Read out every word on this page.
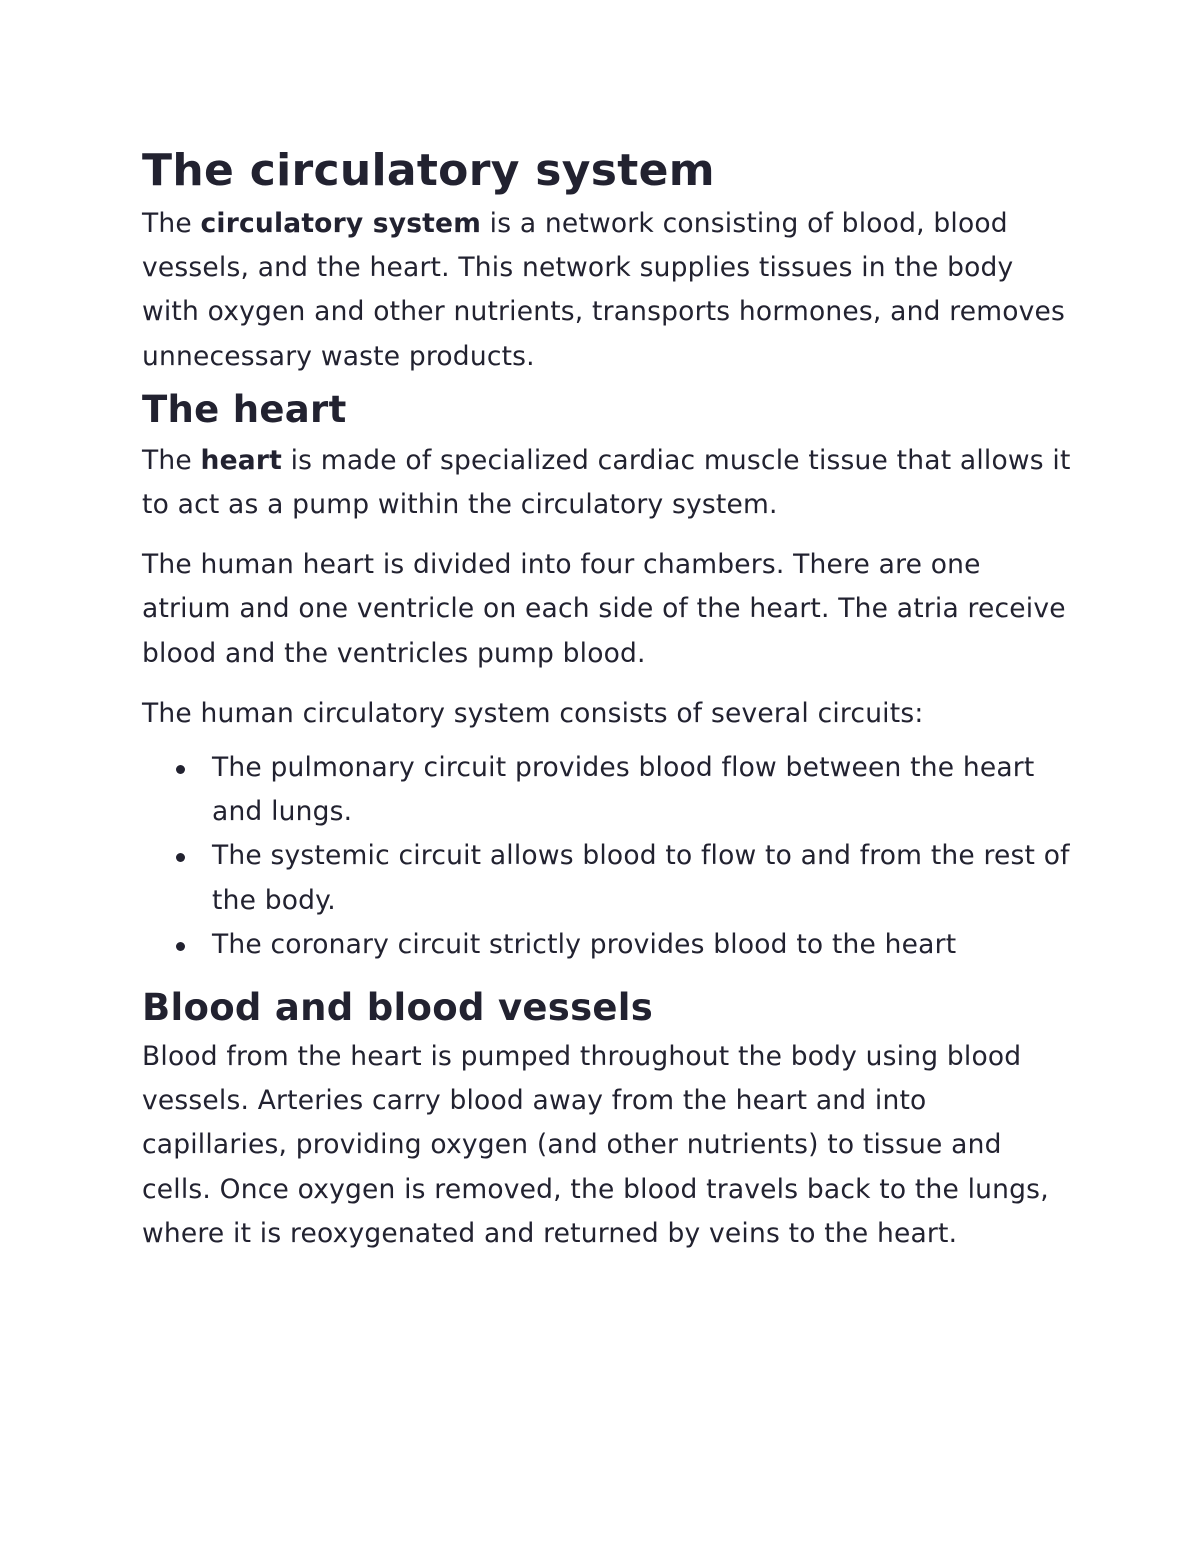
The circulatory system

The circulatory system is a network consisting of blood, blood vessels, and the heart. This network supplies tissues in the body with oxygen and other nutrients, transports hormones, and removes unnecessary waste products.

The heart

The heart is made of specialized cardiac muscle tissue that allows it to act as a pump within the circulatory system.

The human heart is divided into four chambers. There are one atrium and one ventricle on each side of the heart. The atria receive blood and the ventricles pump blood.

The human circulatory system consists of several circuits:

The pulmonary circuit provides blood flow between the heart and lungs.
The systemic circuit allows blood to flow to and from the rest of the body.
The coronary circuit strictly provides blood to the heart
Blood and blood vessels

Blood from the heart is pumped throughout the body using blood vessels. Arteries carry blood away from the heart and into capillaries, providing oxygen (and other nutrients) to tissue and cells. Once oxygen is removed, the blood travels back to the lungs, where it is reoxygenated and returned by veins to the heart.
